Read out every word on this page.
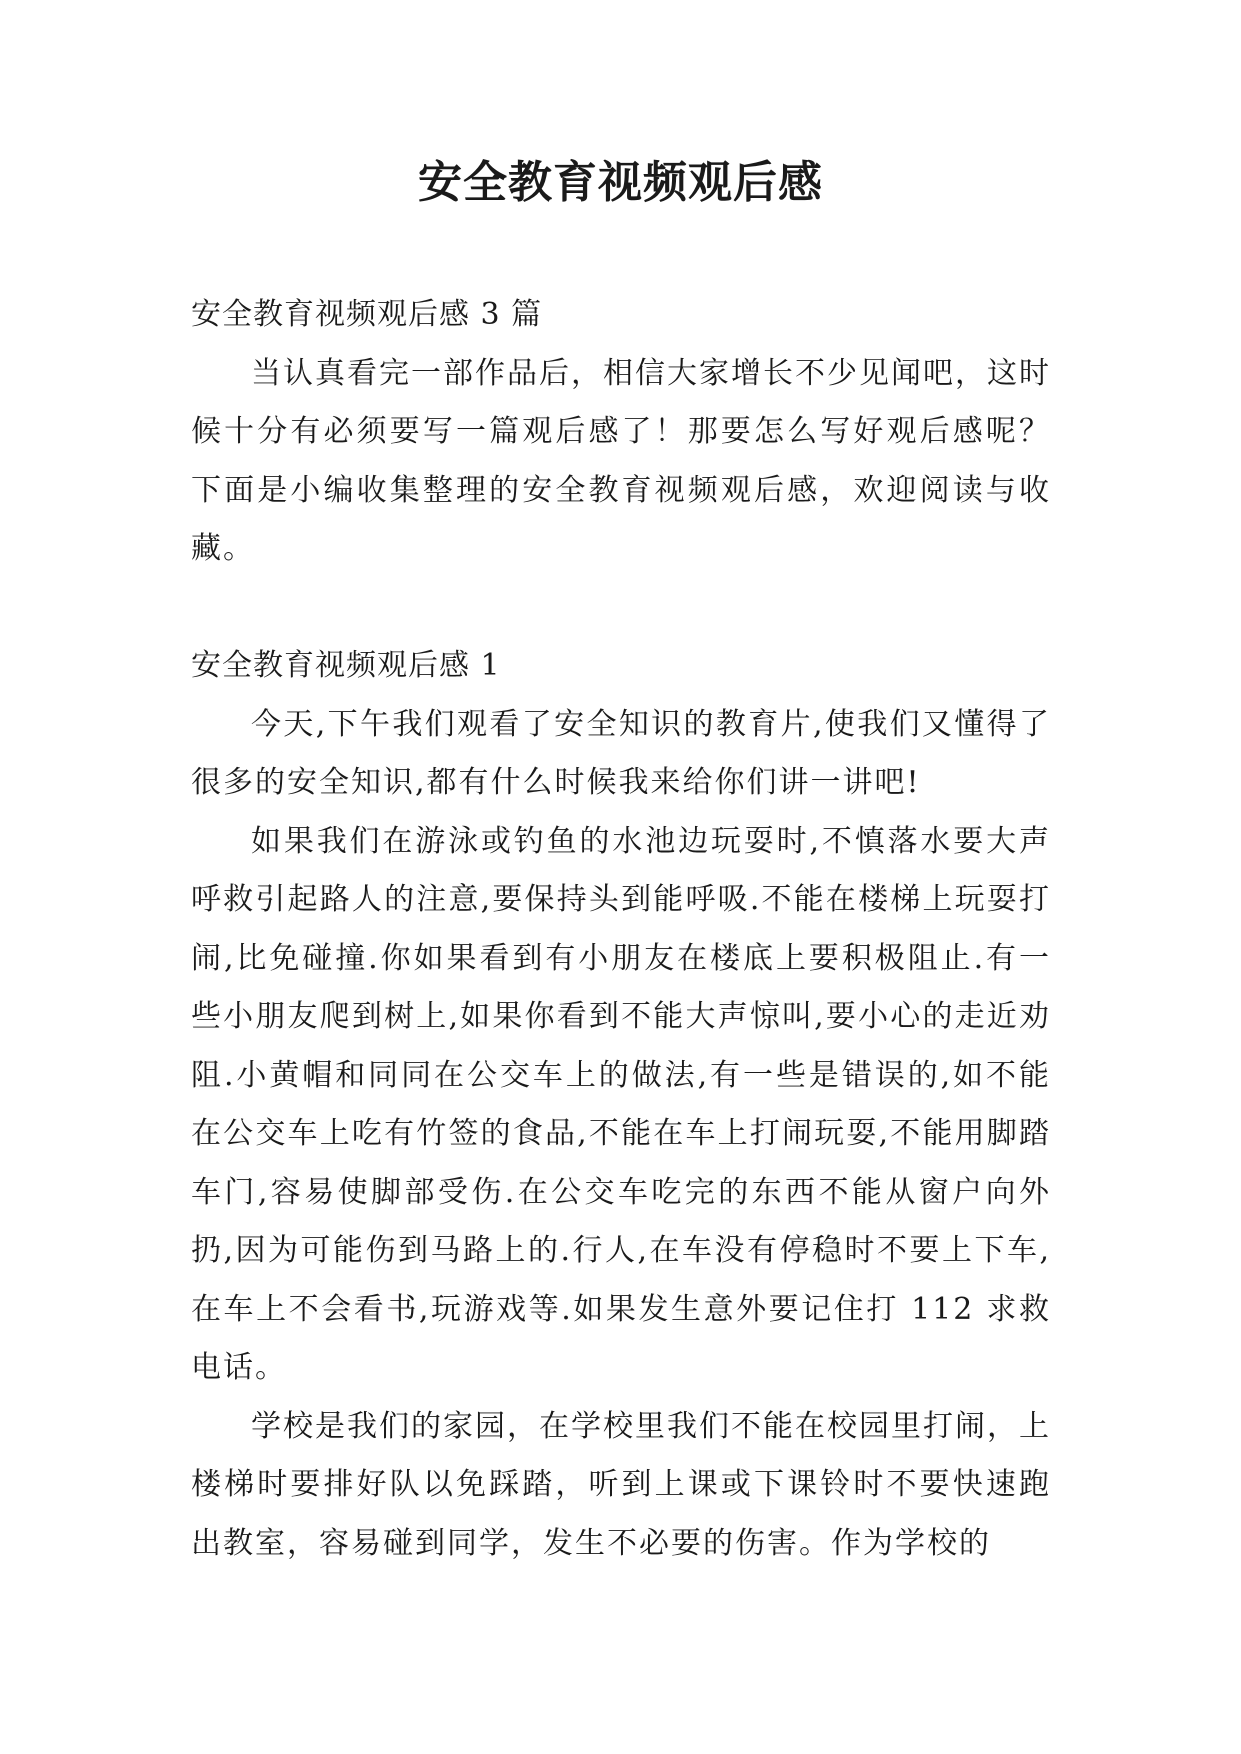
安全教育视频观后感

安全教育视频观后感 3 篇

当认真看完一部作品后，相信大家增长不少见闻吧，这时候十分有必须要写一篇观后感了！那要怎么写好观后感呢？下面是小编收集整理的安全教育视频观后感，欢迎阅读与收藏。

安全教育视频观后感 1

今天,下午我们观看了安全知识的教育片,使我们又懂得了很多的安全知识,都有什么时候我来给你们讲一讲吧!

如果我们在游泳或钓鱼的水池边玩耍时,不慎落水要大声呼救引起路人的注意,要保持头到能呼吸.不能在楼梯上玩耍打闹,比免碰撞.你如果看到有小朋友在楼底上要积极阻止.有一些小朋友爬到树上,如果你看到不能大声惊叫,要小心的走近劝阻.小黄帽和同同在公交车上的做法,有一些是错误的,如不能在公交车上吃有竹签的食品,不能在车上打闹玩耍,不能用脚踏车门,容易使脚部受伤.在公交车吃完的东西不能从窗户向外扔,因为可能伤到马路上的.行人,在车没有停稳时不要上下车,在车上不会看书,玩游戏等.如果发生意外要记住打 112 求救电话。

学校是我们的家园，在学校里我们不能在校园里打闹，上楼梯时要排好队以免踩踏，听到上课或下课铃时不要快速跑出教室，容易碰到同学，发生不必要的伤害。作为学校的
